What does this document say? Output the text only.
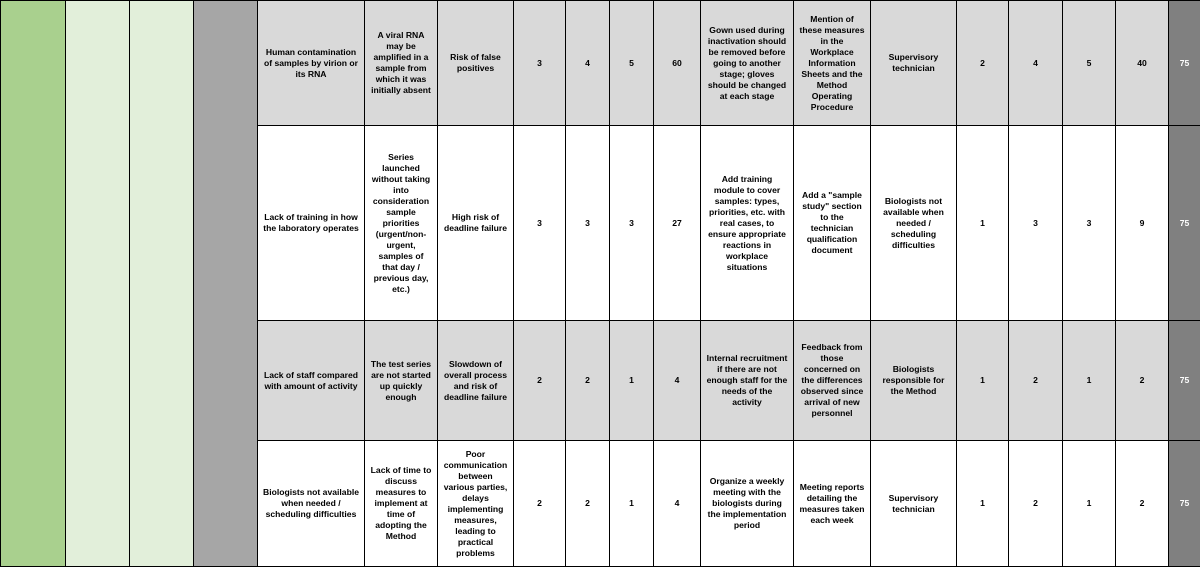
				Human contamination of samples by virion or its RNA	A viral RNA may be amplified in a sample from which it was initially absent	Risk of false positives	3	4	5	60	Gown used during inactivation should be removed before going to another stage; gloves should be changed at each stage	Mention of these measures in the Workplace Information Sheets and the Method Operating Procedure	Supervisory technician	2	4	5	40	75
				Lack of training in how the laboratory operates	Series launched without taking into consideration sample priorities (urgent/non-urgent, samples of that day / previous day, etc.)	High risk of deadline failure	3	3	3	27	Add training module to cover samples: types, priorities, etc. with real cases, to ensure appropriate reactions in workplace situations	Add a "sample study" section to the technician qualification document	Biologists not available when needed / scheduling difficulties	1	3	3	9	75
				Lack of staff compared with amount of activity	The test series are not started up quickly enough	Slowdown of overall process and risk of deadline failure	2	2	1	4	Internal recruitment if there are not enough staff for the needs of the activity	Feedback from those concerned on the differences observed since arrival of new personnel	Biologists responsible for the Method	1	2	1	2	75
				Biologists not available when needed / scheduling difficulties	Lack of time to discuss measures to implement at time of adopting the Method	Poor communication between various parties, delays implementing measures, leading to practical problems	2	2	1	4	Organize a weekly meeting with the biologists during the implementation period	Meeting reports detailing the measures taken each week	Supervisory technician	1	2	1	2	75
